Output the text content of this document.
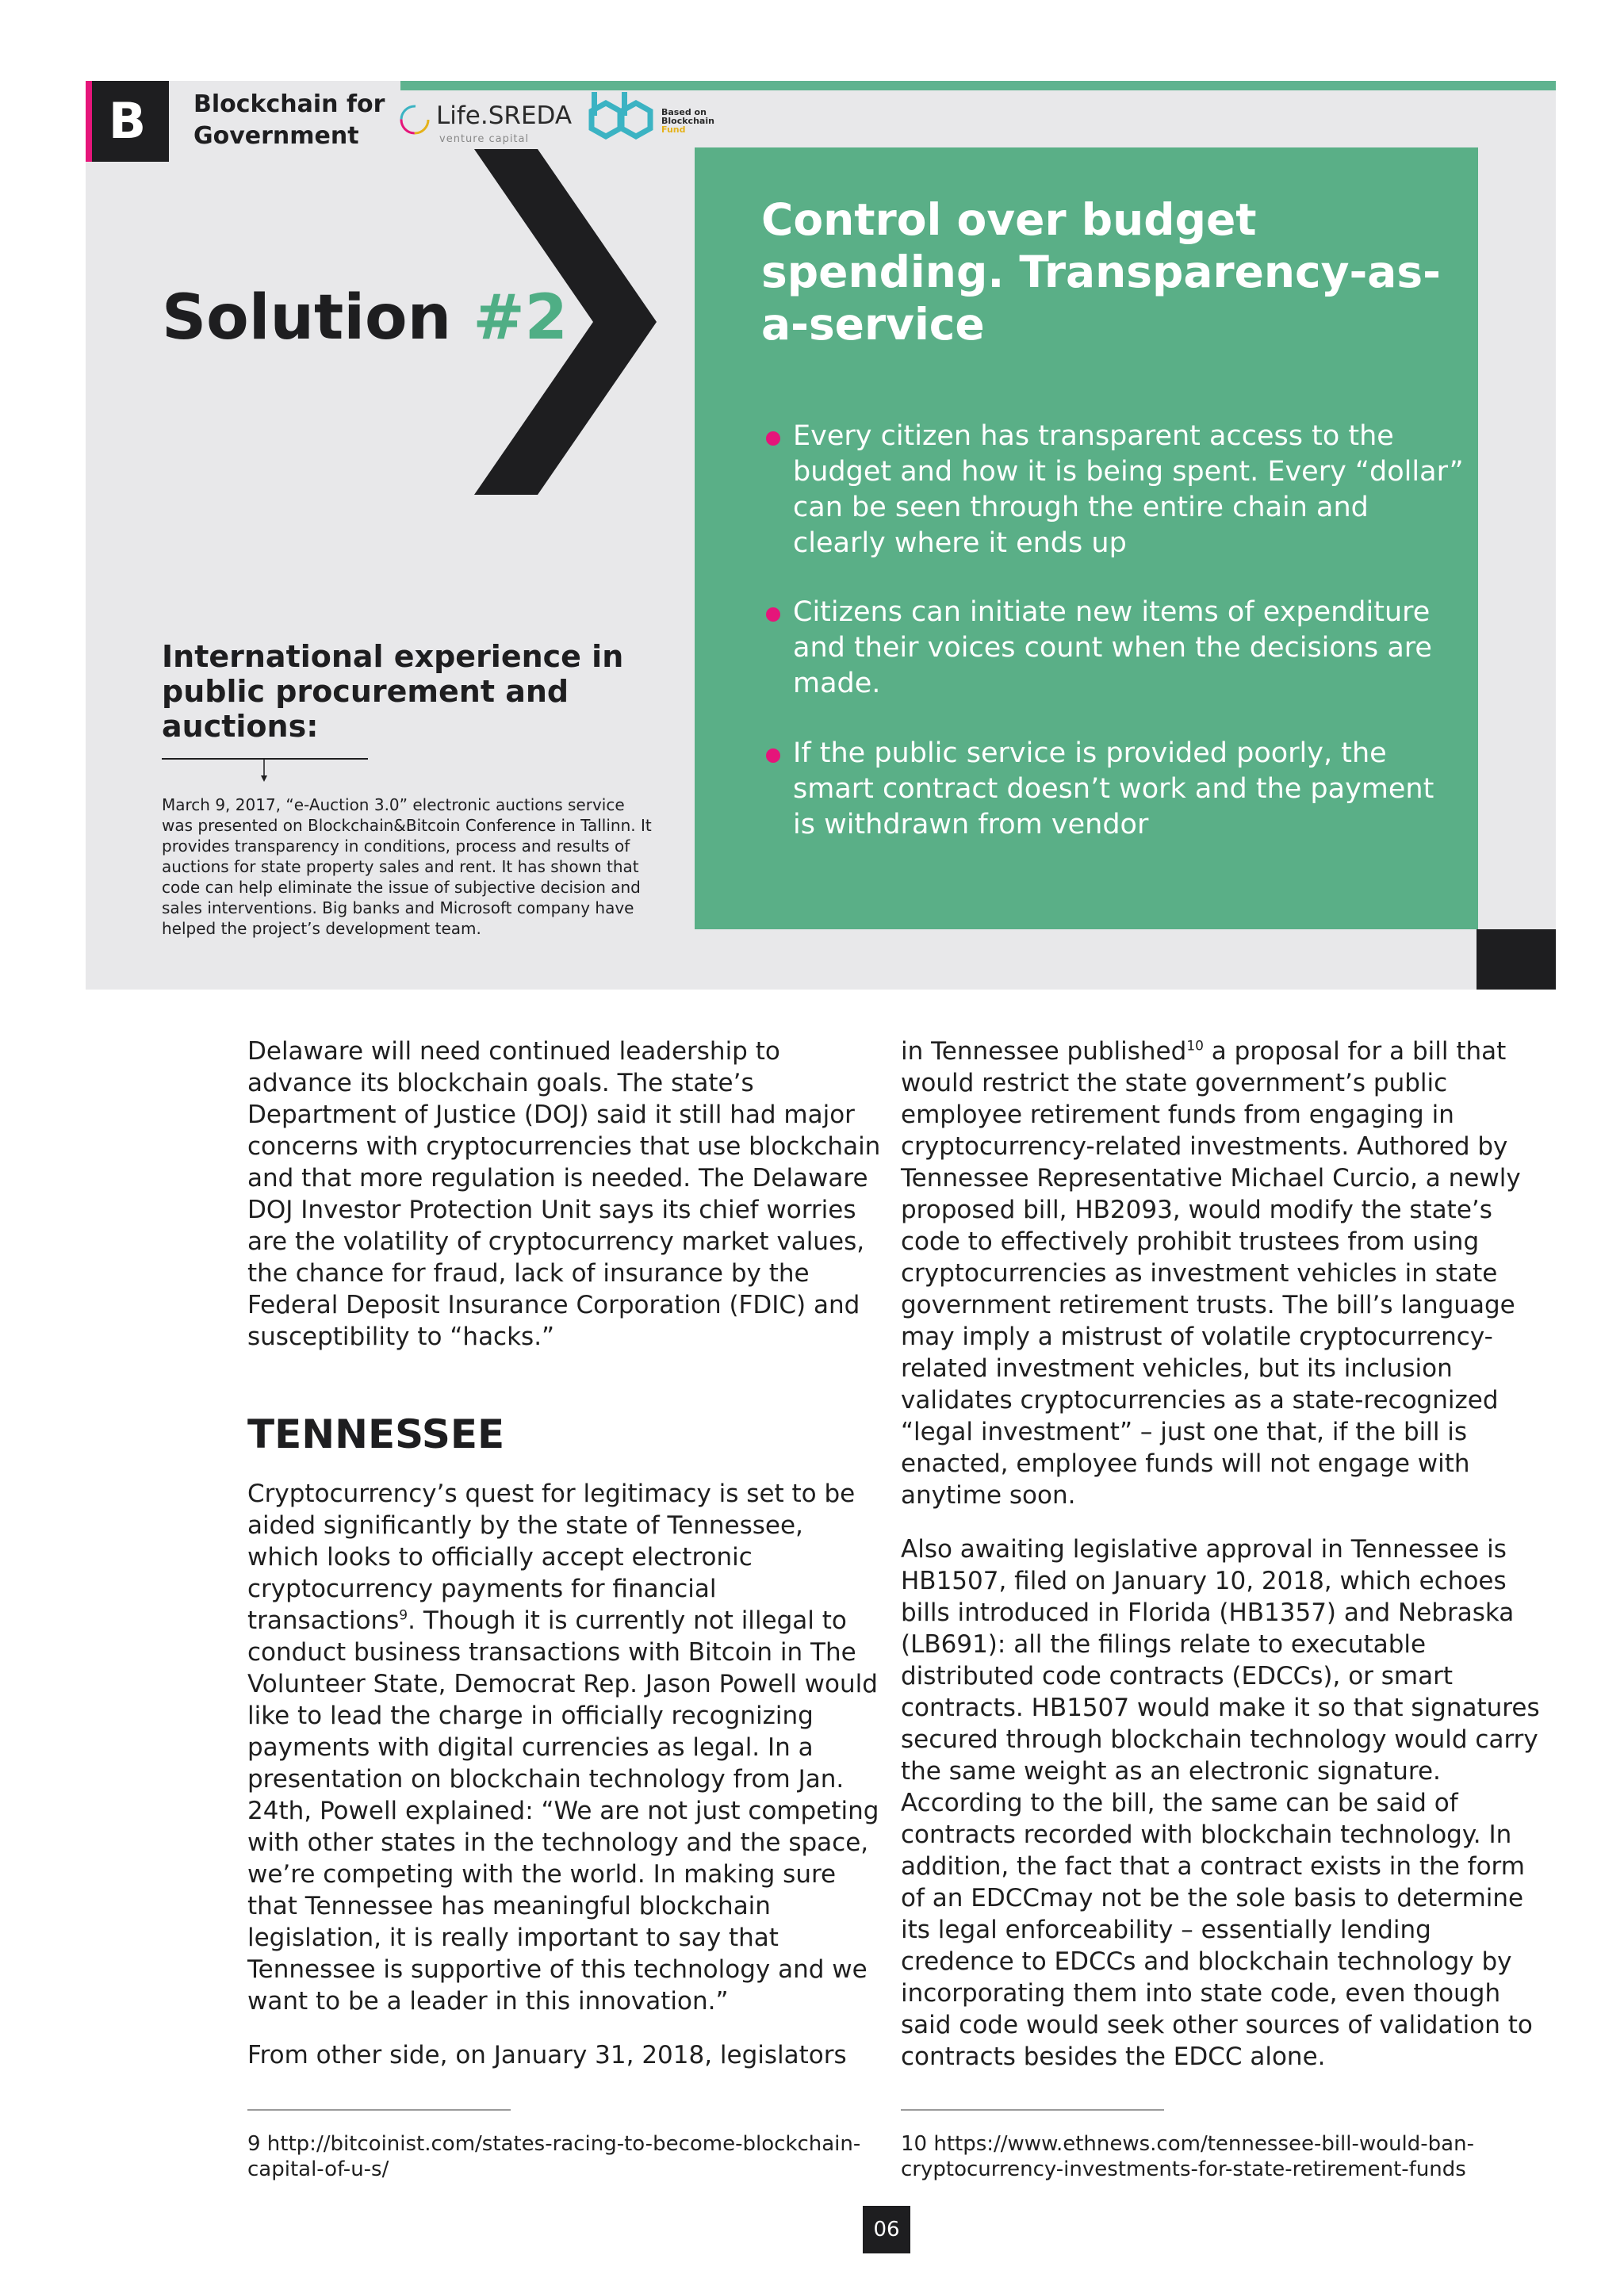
B	Blockchain for
Government
Life.SREDA
venture capital
Based on
Blockchain
Fund
Solution #2
Control over budget spending. Transparency-as-a-service
Every citizen has transparent access to the budget and how it is being spent. Every “dollar” can be seen through the entire chain and clearly where it ends up
Citizens can initiate new items of expenditure and their voices count when the decisions are made.
If the public service is provided poorly, the smart contract doesn’t work and the payment is withdrawn from vendor
International experience in public procurement and auctions:
March 9, 2017, “e-Auction 3.0” electronic auctions service was presented on Blockchain&Bitcoin Conference in Tallinn. It provides transparency in conditions, process and results of auctions for state property sales and rent. It has shown that code can help eliminate the issue of subjective decision and sales interventions. Big banks and Microsoft company have helped the project’s development team.

Delaware will need continued leadership to advance its blockchain goals. The state’s Department of Justice (DOJ) said it still had major concerns with cryptocurrencies that use blockchain and that more regulation is needed. The Delaware DOJ Investor Protection Unit says its chief worries are the volatility of cryptocurrency market values, the chance for fraud, lack of insurance by the Federal Deposit Insurance Corporation (FDIC) and susceptibility to “hacks.”

TENNESSEE

Cryptocurrency’s quest for legitimacy is set to be aided significantly by the state of Tennessee, which looks to officially accept electronic cryptocurrency payments for financial transactions$^9$. Though it is currently not illegal to conduct business transactions with Bitcoin in The Volunteer State, Democrat Rep. Jason Powell would like to lead the charge in officially recognizing payments with digital currencies as legal. In a presentation on blockchain technology from Jan. 24th, Powell explained: “We are not just competing with other states in the technology and the space, we’re competing with the world. In making sure that Tennessee has meaningful blockchain legislation, it is really important to say that Tennessee is supportive of this technology and we want to be a leader in this innovation.”

From other side, on January 31, 2018, legislators

in Tennessee published$^{10}$ a proposal for a bill that would restrict the state government’s public employee retirement funds from engaging in cryptocurrency-related investments. Authored by Tennessee Representative Michael Curcio, a newly proposed bill, HB2093, would modify the state’s code to effectively prohibit trustees from using cryptocurrencies as investment vehicles in state government retirement trusts. The bill’s language may imply a mistrust of volatile cryptocurrency-related investment vehicles, but its inclusion validates cryptocurrencies as a state-recognized “legal investment” – just one that, if the bill is enacted, employee funds will not engage with anytime soon.

Also awaiting legislative approval in Tennessee is HB1507, filed on January 10, 2018, which echoes bills introduced in Florida (HB1357) and Nebraska (LB691): all the filings relate to executable distributed code contracts (EDCCs), or smart contracts. HB1507 would make it so that signatures secured through blockchain technology would carry the same weight as an electronic signature. According to the bill, the same can be said of contracts recorded with blockchain technology. In addition, the fact that a contract exists in the form of an EDCCmay not be the sole basis to determine its legal enforceability – essentially lending credence to EDCCs and blockchain technology by incorporating them into state code, even though said code would seek other sources of validation to contracts besides the EDCC alone.

9 http://bitcoinist.com/states-racing-to-become-blockchain-capital-of-u-s/
10 https://www.ethnews.com/tennessee-bill-would-ban-cryptocurrency-investments-for-state-retirement-funds
06
